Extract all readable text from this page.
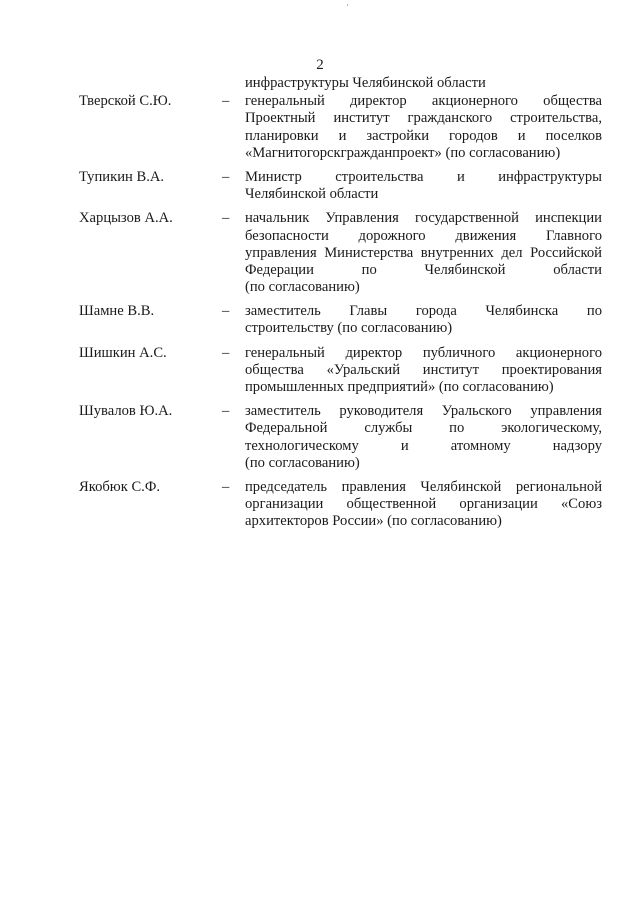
2
инфраструктуры Челябинской области
Тверской С.Ю.	–	генеральный директор акционерного общества
Проектный институт гражданского строительства,
планировки и застройки городов и поселков
«Магнитогорскгражданпроект» (по согласованию)
Тупикин В.А.	–	Министр строительства и инфраструктуры
Челябинской области
Харцызов А.А.	–	начальник Управления государственной инспекции
безопасности дорожного движения Главного
управления Министерства внутренних дел Российской
Федерации по Челябинской области
(по согласованию)
Шамне В.В.	–	заместитель Главы города Челябинска по
строительству (по согласованию)
Шишкин А.С.	–	генеральный директор публичного акционерного
общества «Уральский институт проектирования
промышленных предприятий» (по согласованию)
Шувалов Ю.А.	–	заместитель руководителя Уральского управления
Федеральной службы по экологическому,
технологическому и атомному надзору
(по согласованию)
Якобюк С.Ф.	–	председатель правления Челябинской региональной
организации общественной организации «Союз
архитекторов России» (по согласованию)
